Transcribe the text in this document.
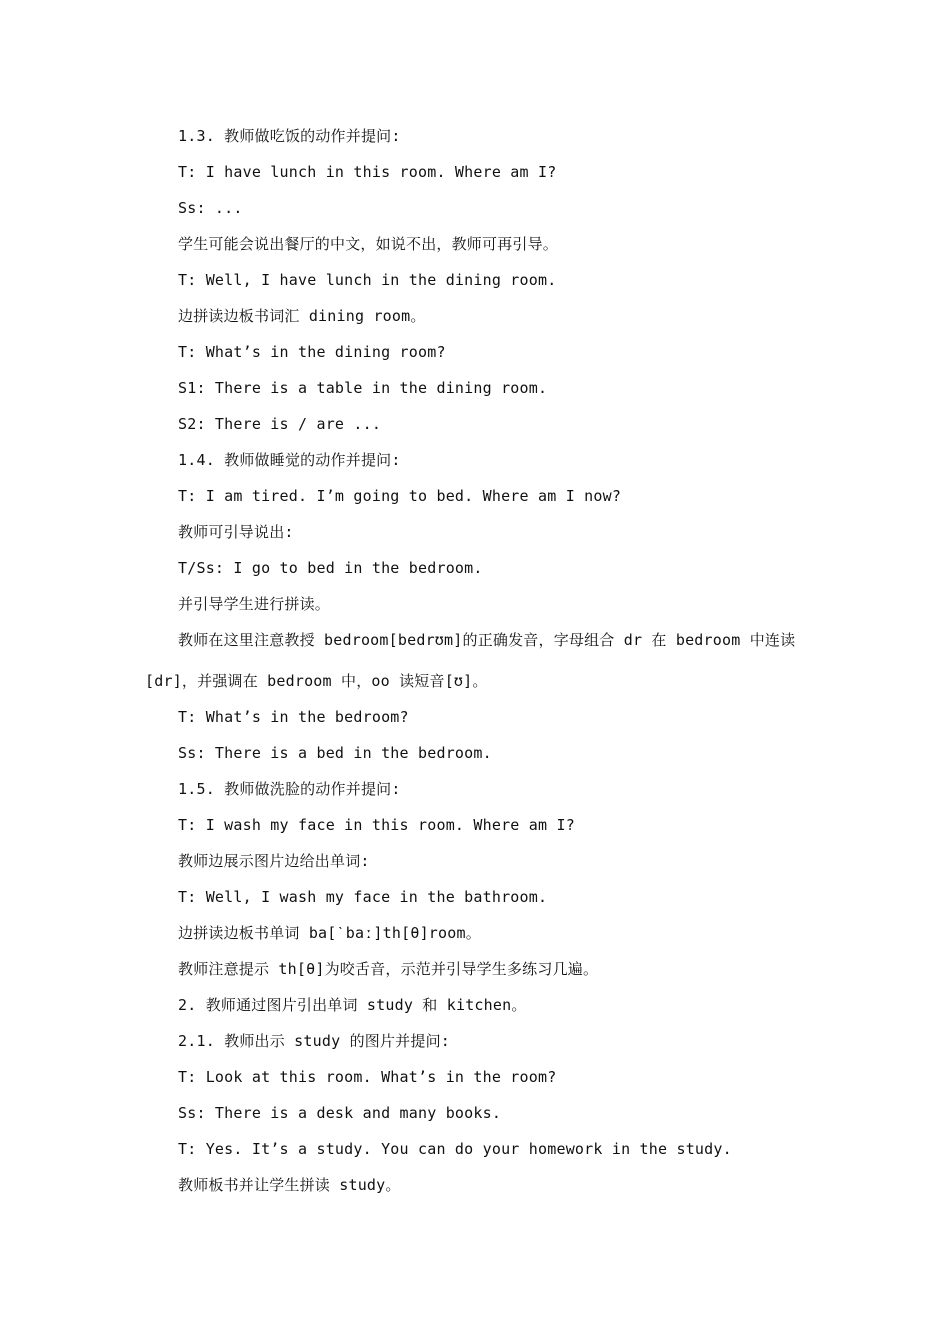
1.3. 教师做吃饭的动作并提问:
T: I have lunch in this room. Where am I?
Ss: ...
学生可能会说出餐厅的中文，如说不出，教师可再引导。
T: Well, I have lunch in the dining room.
边拼读边板书词汇 dining room。
T: What’s in the dining room?
S1: There is a table in the dining room.
S2: There is / are ...
1.4. 教师做睡觉的动作并提问:
T: I am tired. I’m going to bed. Where am I now?
教师可引导说出:
T/Ss: I go to bed in the bedroom.
并引导学生进行拼读。
教师在这里注意教授 bedroom[bedrʊm]的正确发音，字母组合 dr 在 bedroom 中连读
[dr]，并强调在 bedroom 中，oo 读短音[ʊ]。
T: What’s in the bedroom?
Ss: There is a bed in the bedroom.
1.5. 教师做洗脸的动作并提问:
T: I wash my face in this room. Where am I?
教师边展示图片边给出单词:
T: Well, I wash my face in the bathroom.
边拼读边板书单词 ba[ˋbaː]th[θ]room。
教师注意提示 th[θ]为咬舌音，示范并引导学生多练习几遍。
2. 教师通过图片引出单词 study 和 kitchen。
2.1. 教师出示 study 的图片并提问:
T: Look at this room. What’s in the room?
Ss: There is a desk and many books.
T: Yes. It’s a study. You can do your homework in the study.
教师板书并让学生拼读 study。
